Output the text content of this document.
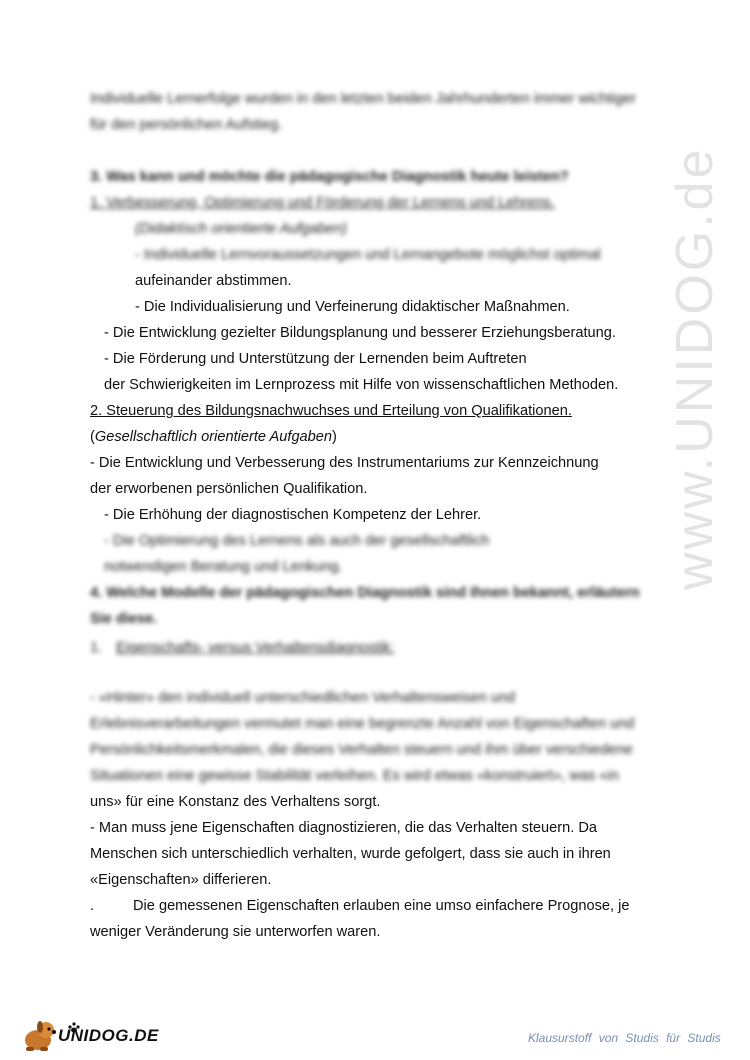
www.UNIDOG.de
Individuelle Lernerfolge wurden in den letzten beiden Jahrhunderten immer wichtiger
für den persönlichen Aufstieg.
3. Was kann und möchte die pädagogische Diagnostik heute leisten?
1. Verbesserung, Optimierung und Förderung der Lernens und Lehrens.
(Didaktisch orientierte Aufgaben)
- Individuelle Lernvoraussetzungen und Lernangebote möglichst optimal
aufeinander abstimmen.
- Die Individualisierung und Verfeinerung didaktischer Maßnahmen.
- Die Entwicklung gezielter Bildungsplanung und besserer Erziehungsberatung.
- Die Förderung und Unterstützung der Lernenden beim Auftreten
der Schwierigkeiten im Lernprozess mit Hilfe von wissenschaftlichen Methoden.
2. Steuerung des Bildungsnachwuchses und Erteilung von Qualifikationen.
(Gesellschaftlich orientierte Aufgaben)
- Die Entwicklung und Verbesserung des Instrumentariums zur Kennzeichnung
der erworbenen persönlichen Qualifikation.
- Die Erhöhung der diagnostischen Kompetenz der Lehrer.
- Die Optimierung des Lernens als auch der gesellschaftlich
notwendigen Beratung und Lenkung.
4. Welche Modelle der pädagogischen Diagnostik sind Ihnen bekannt, erläutern
Sie diese.
1. Eigenschafts- versus Verhaltensdiagnostik:
- «Hinter» den individuell unterschiedlichen Verhaltensweisen und
Erlebnisverarbeitungen vermutet man eine begrenzte Anzahl von Eigenschaften und
Persönlichkeitsmerkmalen, die dieses Verhalten steuern und ihm über verschiedene
Situationen eine gewisse Stabilität verleihen. Es wird etwas «konstruiert», was «in
uns» für eine Konstanz des Verhaltens sorgt.
- Man muss jene Eigenschaften diagnostizieren, die das Verhalten steuern. Da
Menschen sich unterschiedlich verhalten, wurde gefolgert, dass sie auch in ihren
«Eigenschaften» differieren.
.	Die gemessenen Eigenschaften erlauben eine umso einfachere Prognose, je
weniger Veränderung sie unterworfen waren.
UNIDOG.DE	Klausurstoff von Studis für Studis
